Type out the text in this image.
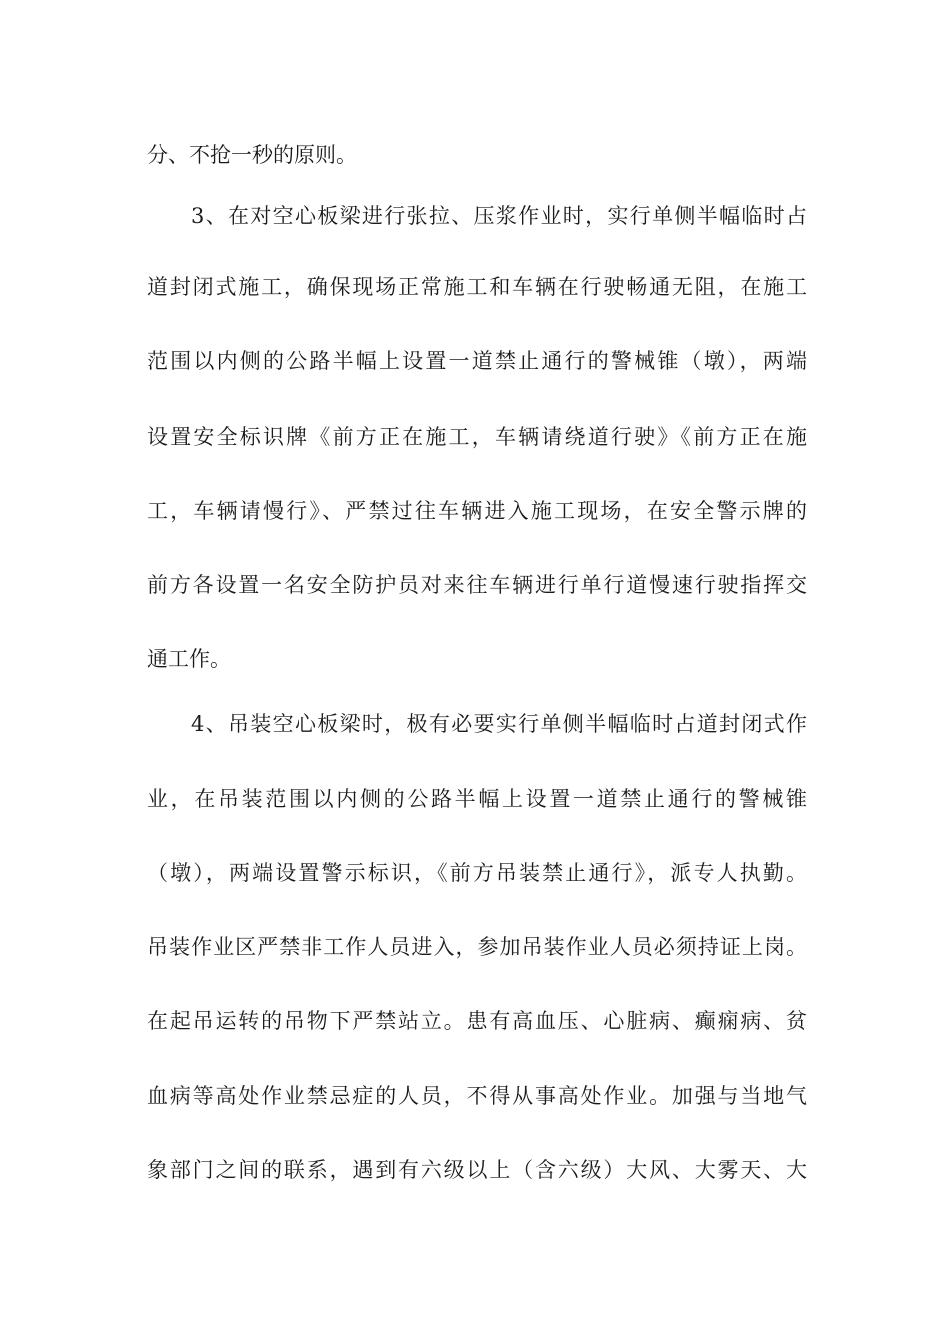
分、不抢一秒的原则。
3、在对空心板梁进行张拉、压浆作业时，实行单侧半幅临时占
道封闭式施工，确保现场正常施工和车辆在行驶畅通无阻，在施工
范围以内侧的公路半幅上设置一道禁止通行的警械锥（墩），两端
设置安全标识牌《前方正在施工，车辆请绕道行驶》《前方正在施
工，车辆请慢行》、严禁过往车辆进入施工现场，在安全警示牌的
前方各设置一名安全防护员对来往车辆进行单行道慢速行驶指挥交
通工作。
4、吊装空心板梁时，极有必要实行单侧半幅临时占道封闭式作
业，在吊装范围以内侧的公路半幅上设置一道禁止通行的警械锥
（墩），两端设置警示标识，《前方吊装禁止通行》，派专人执勤。
吊装作业区严禁非工作人员进入，参加吊装作业人员必须持证上岗。
在起吊运转的吊物下严禁站立。患有高血压、心脏病、癫痫病、贫
血病等高处作业禁忌症的人员，不得从事高处作业。加强与当地气
象部门之间的联系，遇到有六级以上（含六级）大风、大雾天、大
